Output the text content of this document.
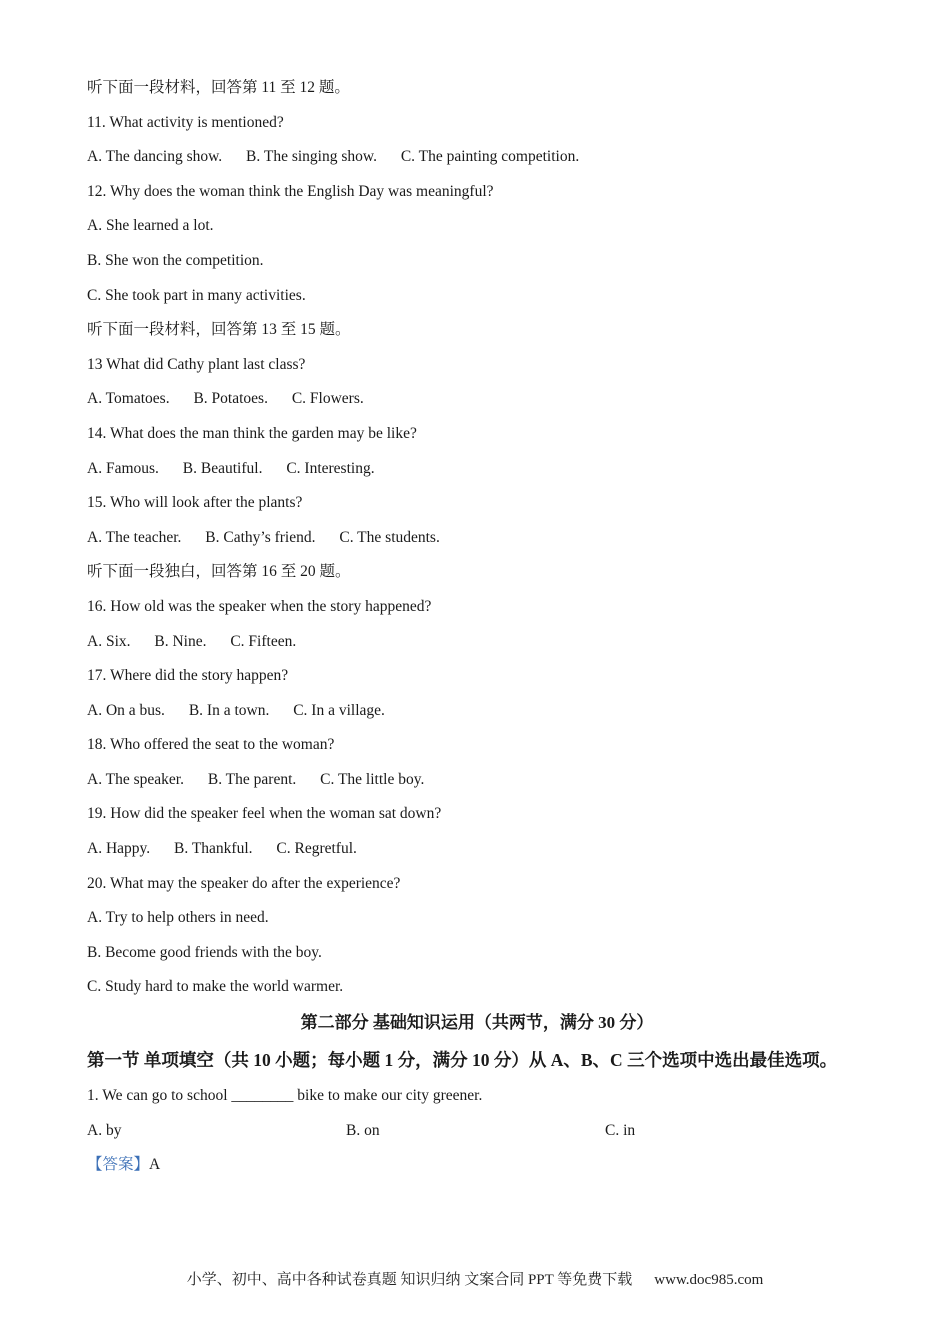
听下面一段材料，回答第 11 至 12 题。
11. What activity is mentioned?
A. The dancing show. B. The singing show. C. The painting competition.
12. Why does the woman think the English Day was meaningful?
A. She learned a lot.
B. She won the competition.
C. She took part in many activities.
听下面一段材料，回答第 13 至 15 题。
13 What did Cathy plant last class?
A. Tomatoes. B. Potatoes. C. Flowers.
14. What does the man think the garden may be like?
A. Famous. B. Beautiful. C. Interesting.
15. Who will look after the plants?
A. The teacher. B. Cathy’s friend. C. The students.
听下面一段独白，回答第 16 至 20 题。
16. How old was the speaker when the story happened?
A. Six. B. Nine. C. Fifteen.
17. Where did the story happen?
A. On a bus. B. In a town. C. In a village.
18. Who offered the seat to the woman?
A. The speaker. B. The parent. C. The little boy.
19. How did the speaker feel when the woman sat down?
A. Happy. B. Thankful. C. Regretful.
20. What may the speaker do after the experience?
A. Try to help others in need.
B. Become good friends with the boy.
C. Study hard to make the world warmer.
第二部分 基础知识运用（共两节，满分 30 分）
第一节 单项填空（共 10 小题；每小题 1 分，满分 10 分）从 A、B、C 三个选项中选出最佳选项。
1. We can go to school ________ bike to make our city greener.
A. by	B. on	C. in
【答案】A
小学、初中、高中各种试卷真题 知识归纳 文案合同 PPT 等免费下载 www.doc985.com
